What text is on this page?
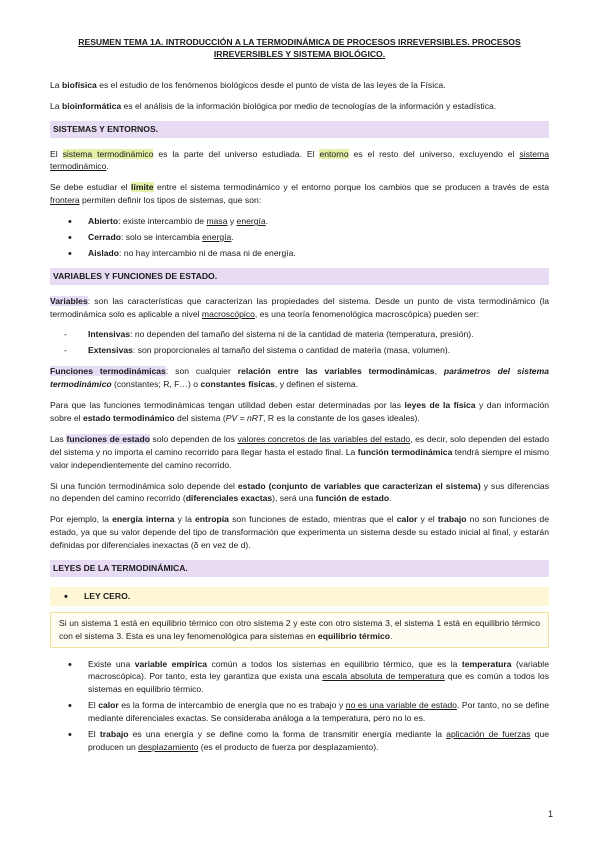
RESUMEN TEMA 1A. INTRODUCCIÓN A LA TERMODINÁMICA DE PROCESOS IRREVERSIBLES. PROCESOS IRREVERSIBLES Y SISTEMA BIOLÓGICO.

La biofísica es el estudio de los fenómenos biológicos desde el punto de vista de las leyes de la Física.

La bioinformática es el análisis de la información biológica por medio de tecnologías de la información y estadística.

SISTEMAS Y ENTORNOS.

El sistema termodinámico es la parte del universo estudiada. El entorno es el resto del universo, excluyendo el sistema termodinámico.

Se debe estudiar el límite entre el sistema termodinámico y el entorno porque los cambios que se producen a través de esta frontera permiten definir los tipos de sistemas, que son:

• Abierto: existe intercambio de masa y energía.
• Cerrado: solo se intercambia energía.
• Aislado: no hay intercambio ni de masa ni de energía.
VARIABLES Y FUNCIONES DE ESTADO.

Variables: son las características que caracterizan las propiedades del sistema. Desde un punto de vista termodinámico (la termodinámica solo es aplicable a nivel macroscópico, es una teoría fenomenológica macroscópica) pueden ser:

- Intensivas: no dependen del tamaño del sistema ni de la cantidad de materia (temperatura, presión).
- Extensivas: son proporcionales al tamaño del sistema o cantidad de materia (masa, volumen).

Funciones termodinámicas: son cualquier relación entre las variables termodinámicas, parámetros del sistema termodinámico (constantes; R, F…) o constantes físicas, y definen el sistema.

Para que las funciones termodinámicas tengan utilidad deben estar determinadas por las leyes de la física y dan información sobre el estado termodinámico del sistema (PV = nRT, R es la constante de los gases ideales).

Las funciones de estado solo dependen de los valores concretos de las variables del estado, es decir, solo dependen del estado del sistema y no importa el camino recorrido para llegar hasta el estado final. La función termodinámica tendrá siempre el mismo valor independientemente del camino recorrido.

Si una función termodinámica solo depende del estado (conjunto de variables que caracterizan el sistema) y sus diferencias no dependen del camino recorrido (diferenciales exactas), será una función de estado.

Por ejemplo, la energía interna y la entropía son funciones de estado, mientras que el calor y el trabajo no son funciones de estado, ya que su valor depende del tipo de transformación que experimenta un sistema desde su estado inicial al final, y estarán definidas por diferenciales inexactas (δ en vez de d).

LEYES DE LA TERMODINÁMICA.
• LEY CERO.
Si un sistema 1 está en equilibrio térmico con otro sistema 2 y este con otro sistema 3, el sistema 1 está en equilibrio térmico con el sistema 3. Esta es una ley fenomenológica para sistemas en equilibrio térmico.
• Existe una variable empírica común a todos los sistemas en equilibrio térmico, que es la temperatura (variable macroscópica). Por tanto, esta ley garantiza que exista una escala absoluta de temperatura que es común a todos los sistemas en equilibrio térmico.
• El calor es la forma de intercambio de energía que no es trabajo y no es una variable de estado. Por tanto, no se define mediante diferenciales exactas. Se consideraba análoga a la temperatura, pero no lo es.
• El trabajo es una energía y se define como la forma de transmitir energía mediante la aplicación de fuerzas que producen un desplazamiento (es el producto de fuerza por desplazamiento).
1
